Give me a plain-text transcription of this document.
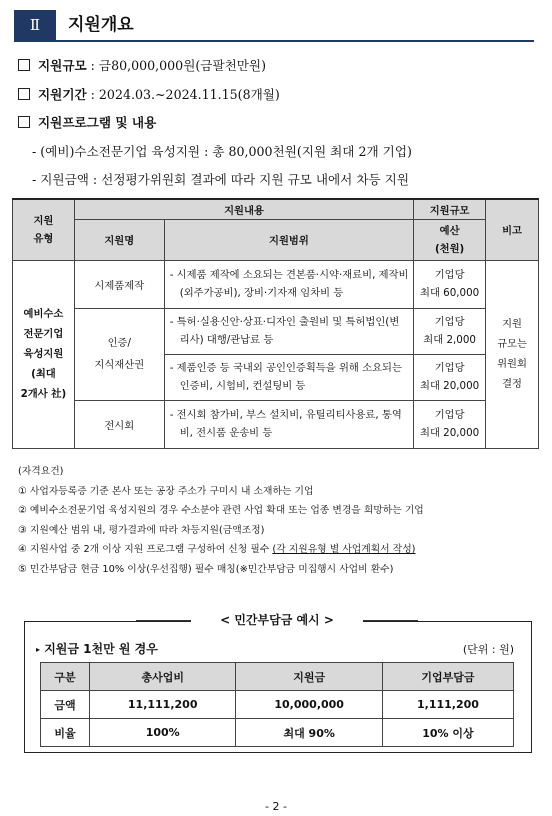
Ⅱ	지원개요
지원규모 : 금80,000,000원(금팔천만원)
지원기간 : 2024.03.~2024.11.15(8개월)
지원프로그램 및 내용
- (예비)수소전문기업 육성지원 : 총 80,000천원(지원 최대 2개 기업)
- 지원금액 : 선정평가위원회 결과에 따라 지원 규모 내에서 차등 지원
지원
유형	지원내용		지원규모	비고
	지원명	지원범위	예산
(천원)	
예비수소
전문기업
육성지원
(최대
2개사 社)	시제품제작	- 시제품 제작에 소요되는 견본품·시약·재료비, 제작비(외주가공비), 장비·기자재 임차비 등	기업당
최대 60,000	지원
규모는
위원회
결정
	인증/
지식재산권	- 특허·실용신안·상표·디자인 출원비 및 특허법인(변리사) 대행/관납료 등	기업당
최대 2,000	

		- 제품인증 등 국내외 공인인증획득을 위해 소요되는 인증비, 시험비, 컨설팅비 등	기업당
최대 20,000	
	전시회	- 전시회 참가비, 부스 설치비, 유틸리티사용료, 통역비, 전시품 운송비 등	기업당
최대 20,000	
(자격요건)
① 사업자등록증 기준 본사 또는 공장 주소가 구미시 내 소재하는 기업
② 예비수소전문기업 육성지원의 경우 수소분야 관련 사업 확대 또는 업종 변경을 희망하는 기업
③ 지원예산 범위 내, 평가결과에 따라 차등지원(금액조정)
④ 지원사업 중 2개 이상 지원 프로그램 구성하여 신청 필수 (각 지원유형 별 사업계획서 작성)
⑤ 민간부담금 현금 10% 이상(우선집행) 필수 매칭(※민간부담금 미집행시 사업비 환수)
< 민간부담금 예시 >
▸ 지원금 1천만 원 경우	(단위 : 원)
구분	총사업비	지원금	기업부담금
금액	11,111,200	10,000,000	1,111,200
비율	100%	최대 90%	10% 이상
- 2 -
